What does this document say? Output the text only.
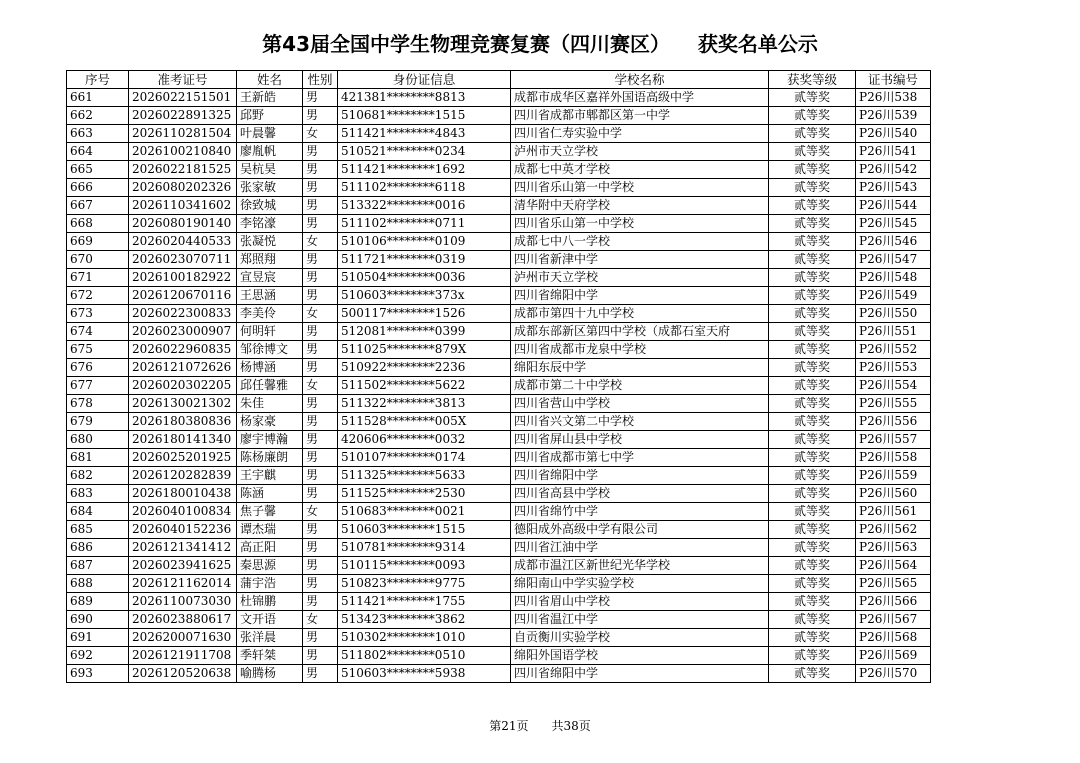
第43届全国中学生物理竞赛复赛（四川赛区）    获奖名单公示
序号	准考证号	姓名	性别	身份证信息	学校名称	获奖等级	证书编号
661	2026022151501	王新皓	男	421381********8813	成都市成华区嘉祥外国语高级中学	贰等奖	P26川538
662	2026022891325	邱野	男	510681********1515	四川省成都市郫都区第一中学	贰等奖	P26川539
663	2026110281504	叶晨馨	女	511421********4843	四川省仁寿实验中学	贰等奖	P26川540
664	2026100210840	廖胤帆	男	510521********0234	泸州市天立学校	贰等奖	P26川541
665	2026022181525	吴杭昊	男	511421********1692	成都七中英才学校	贰等奖	P26川542
666	2026080202326	张家敏	男	511102********6118	四川省乐山第一中学校	贰等奖	P26川543
667	2026110341602	徐致城	男	513322********0016	清华附中天府学校	贰等奖	P26川544
668	2026080190140	李铭濠	男	511102********0711	四川省乐山第一中学校	贰等奖	P26川545
669	2026020440533	张凝悦	女	510106********0109	成都七中八一学校	贰等奖	P26川546
670	2026023070711	郑照翔	男	511721********0319	四川省新津中学	贰等奖	P26川547
671	2026100182922	宣昱宸	男	510504********0036	泸州市天立学校	贰等奖	P26川548
672	2026120670116	王思涵	男	510603********373x	四川省绵阳中学	贰等奖	P26川549
673	2026022300833	李美伶	女	500117********1526	成都市第四十九中学校	贰等奖	P26川550
674	2026023000907	何明轩	男	512081********0399	成都东部新区第四中学校（成都石室天府	贰等奖	P26川551
675	2026022960835	邹徐博文	男	511025********879X	四川省成都市龙泉中学校	贰等奖	P26川552
676	2026121072626	杨博涵	男	510922********2236	绵阳东辰中学	贰等奖	P26川553
677	2026020302205	邱任馨雅	女	511502********5622	成都市第二十中学校	贰等奖	P26川554
678	2026130021302	朱佳	男	511322********3813	四川省营山中学校	贰等奖	P26川555
679	2026180380836	杨家豪	男	511528********005X	四川省兴文第二中学校	贰等奖	P26川556
680	2026180141340	廖宇博瀚	男	420606********0032	四川省屏山县中学校	贰等奖	P26川557
681	2026025201925	陈杨廉朗	男	510107********0174	四川省成都市第七中学	贰等奖	P26川558
682	2026120282839	王宇麒	男	511325********5633	四川省绵阳中学	贰等奖	P26川559
683	2026180010438	陈涵	男	511525********2530	四川省高县中学校	贰等奖	P26川560
684	2026040100834	焦子馨	女	510683********0021	四川省绵竹中学	贰等奖	P26川561
685	2026040152236	谭杰瑞	男	510603********1515	德阳成外高级中学有限公司	贰等奖	P26川562
686	2026121341412	高正阳	男	510781********9314	四川省江油中学	贰等奖	P26川563
687	2026023941625	秦思源	男	510115********0093	成都市温江区新世纪光华学校	贰等奖	P26川564
688	2026121162014	蒲宇浩	男	510823********9775	绵阳南山中学实验学校	贰等奖	P26川565
689	2026110073030	杜锦鹏	男	511421********1755	四川省眉山中学校	贰等奖	P26川566
690	2026023880617	文开语	女	513423********3862	四川省温江中学	贰等奖	P26川567
691	2026200071630	张洋晨	男	510302********1010	自贡衡川实验学校	贰等奖	P26川568
692	2026121911708	季轩桀	男	511802********0510	绵阳外国语学校	贰等奖	P26川569
693	2026120520638	喻腾杨	男	510603********5938	四川省绵阳中学	贰等奖	P26川570
第21页      共38页
